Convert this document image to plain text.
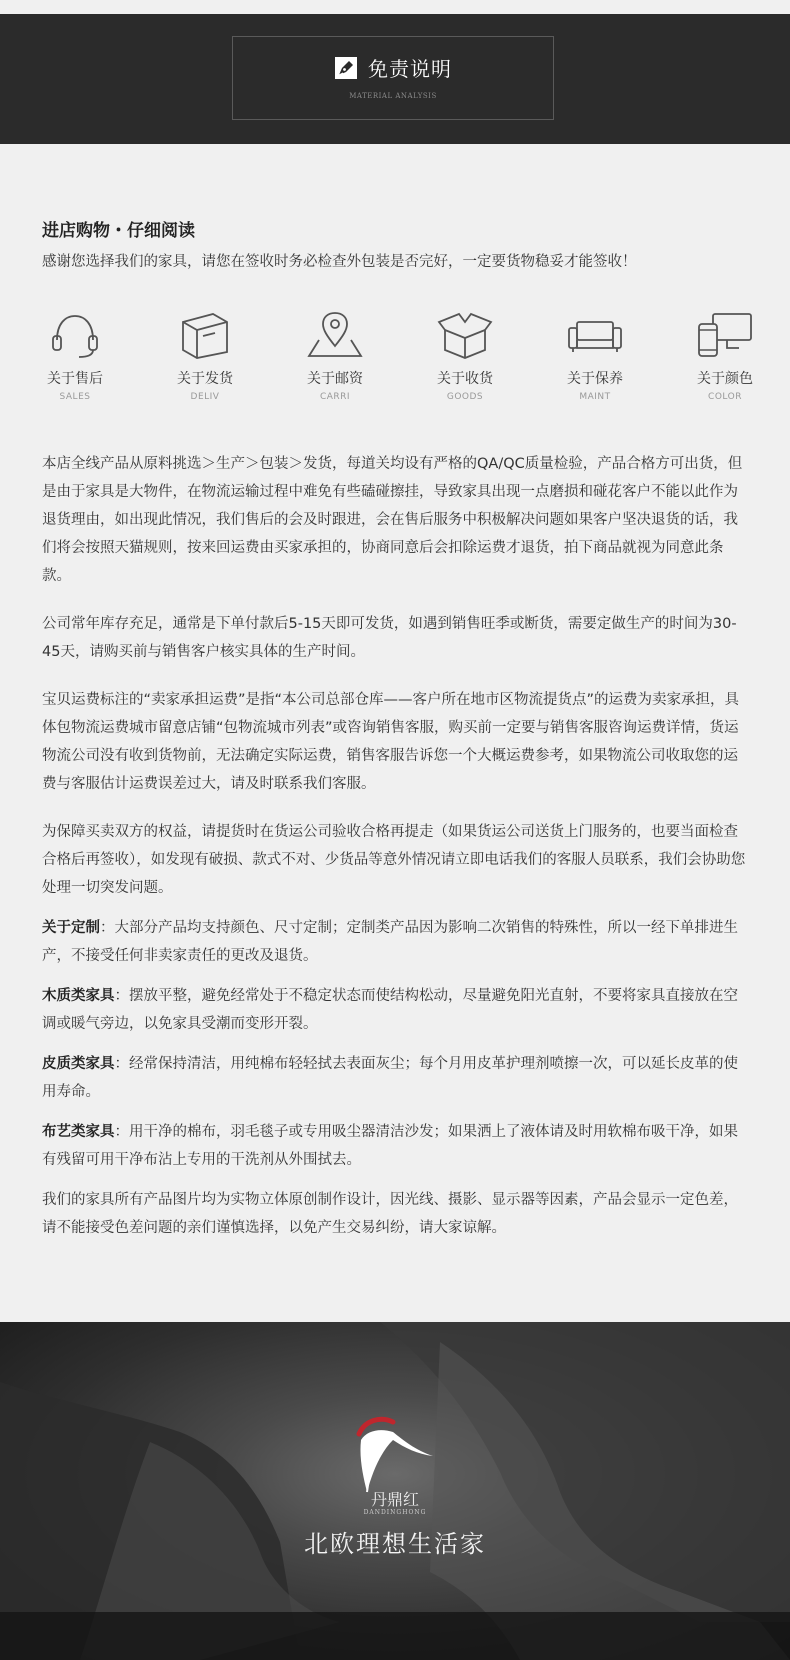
免责说明
MATERIAL ANALYSIS
进店购物・仔细阅读
感谢您选择我们的家具，请您在签收时务必检查外包装是否完好，一定要货物稳妥才能签收！
关于售后
SALES
关于发货
DELIV
关于邮资
CARRI
关于收货
GOODS
关于保养
MAINT
关于颜色
COLOR

本店全线产品从原料挑选＞生产＞包装＞发货，每道关均设有严格的QA/QC质量检验，产品合格方可出货，但是由于家具是大物件，在物流运输过程中难免有些磕碰擦挂，导致家具出现一点磨损和碰花客户不能以此作为退货理由，如出现此情况，我们售后的会及时跟进，会在售后服务中积极解决问题如果客户坚决退货的话，我们将会按照天猫规则，按来回运费由买家承担的，协商同意后会扣除运费才退货，拍下商品就视为同意此条款。

公司常年库存充足，通常是下单付款后5-15天即可发货，如遇到销售旺季或断货，需要定做生产的时间为30-45天，请购买前与销售客户核实具体的生产时间。

宝贝运费标注的“卖家承担运费”是指“本公司总部仓库——客户所在地市区物流提货点”的运费为卖家承担，具体包物流运费城市留意店铺“包物流城市列表”或咨询销售客服，购买前一定要与销售客服咨询运费详情，货运物流公司没有收到货物前，无法确定实际运费，销售客服告诉您一个大概运费参考，如果物流公司收取您的运费与客服估计运费误差过大，请及时联系我们客服。

为保障买卖双方的权益，请提货时在货运公司验收合格再提走（如果货运公司送货上门服务的，也要当面检查合格后再签收），如发现有破损、款式不对、少货品等意外情况请立即电话我们的客服人员联系，我们会协助您处理一切突发问题。

关于定制：大部分产品均支持颜色、尺寸定制；定制类产品因为影响二次销售的特殊性，所以一经下单排进生产，不接受任何非卖家责任的更改及退货。

木质类家具：摆放平整，避免经常处于不稳定状态而使结构松动，尽量避免阳光直射，不要将家具直接放在空调或暖气旁边，以免家具受潮而变形开裂。

皮质类家具：经常保持清洁，用纯棉布轻轻拭去表面灰尘；每个月用皮革护理剂喷擦一次，可以延长皮革的使用寿命。

布艺类家具：用干净的棉布，羽毛毯子或专用吸尘器清洁沙发；如果洒上了液体请及时用软棉布吸干净，如果有残留可用干净布沾上专用的干洗剂从外围拭去。

我们的家具所有产品图片均为实物立体原创制作设计，因光线、摄影、显示器等因素，产品会显示一定色差，请不能接受色差问题的亲们谨慎选择，以免产生交易纠纷，请大家谅解。

丹鼎红
DANDINGHONG
北欧理想生活家
